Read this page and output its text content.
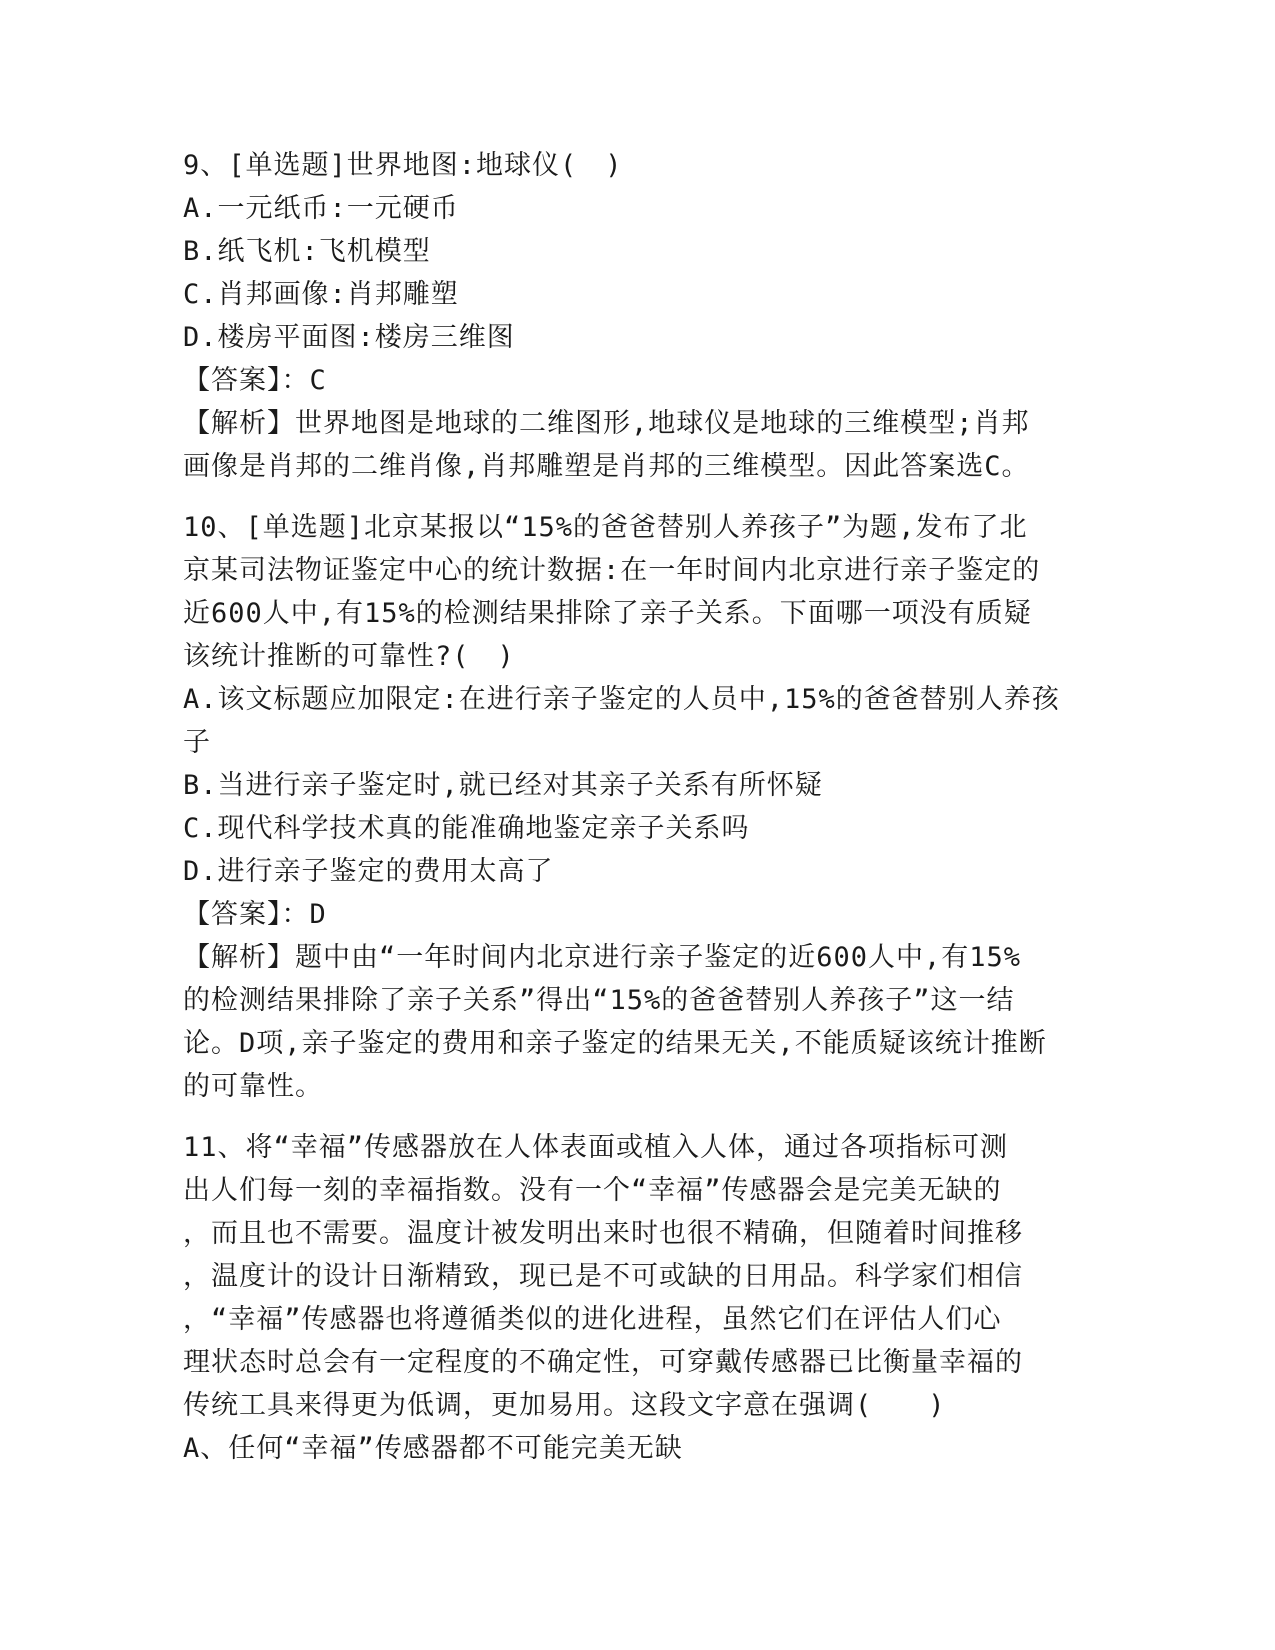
9、[单选题]世界地图:地球仪(　)
A.一元纸币:一元硬币
B.纸飞机:飞机模型
C.肖邦画像:肖邦雕塑
D.楼房平面图:楼房三维图
【答案】：C
【解析】世界地图是地球的二维图形,地球仪是地球的三维模型;肖邦
画像是肖邦的二维肖像,肖邦雕塑是肖邦的三维模型。因此答案选C。
10、[单选题]北京某报以“15%的爸爸替别人养孩子”为题,发布了北
京某司法物证鉴定中心的统计数据:在一年时间内北京进行亲子鉴定的
近600人中,有15%的检测结果排除了亲子关系。下面哪一项没有质疑
该统计推断的可靠性?(　)
A.该文标题应加限定:在进行亲子鉴定的人员中,15%的爸爸替别人养孩
子
B.当进行亲子鉴定时,就已经对其亲子关系有所怀疑
C.现代科学技术真的能准确地鉴定亲子关系吗
D.进行亲子鉴定的费用太高了
【答案】：D
【解析】题中由“一年时间内北京进行亲子鉴定的近600人中,有15%
的检测结果排除了亲子关系”得出“15%的爸爸替别人养孩子”这一结
论。D项,亲子鉴定的费用和亲子鉴定的结果无关,不能质疑该统计推断
的可靠性。
11、将“幸福”传感器放在人体表面或植入人体，通过各项指标可测
出人们每一刻的幸福指数。没有一个“幸福”传感器会是完美无缺的
，而且也不需要。温度计被发明出来时也很不精确，但随着时间推移
，温度计的设计日渐精致，现已是不可或缺的日用品。科学家们相信
，“幸福”传感器也将遵循类似的进化进程，虽然它们在评估人们心
理状态时总会有一定程度的不确定性，可穿戴传感器已比衡量幸福的
传统工具来得更为低调，更加易用。这段文字意在强调(　　)
A、任何“幸福”传感器都不可能完美无缺
